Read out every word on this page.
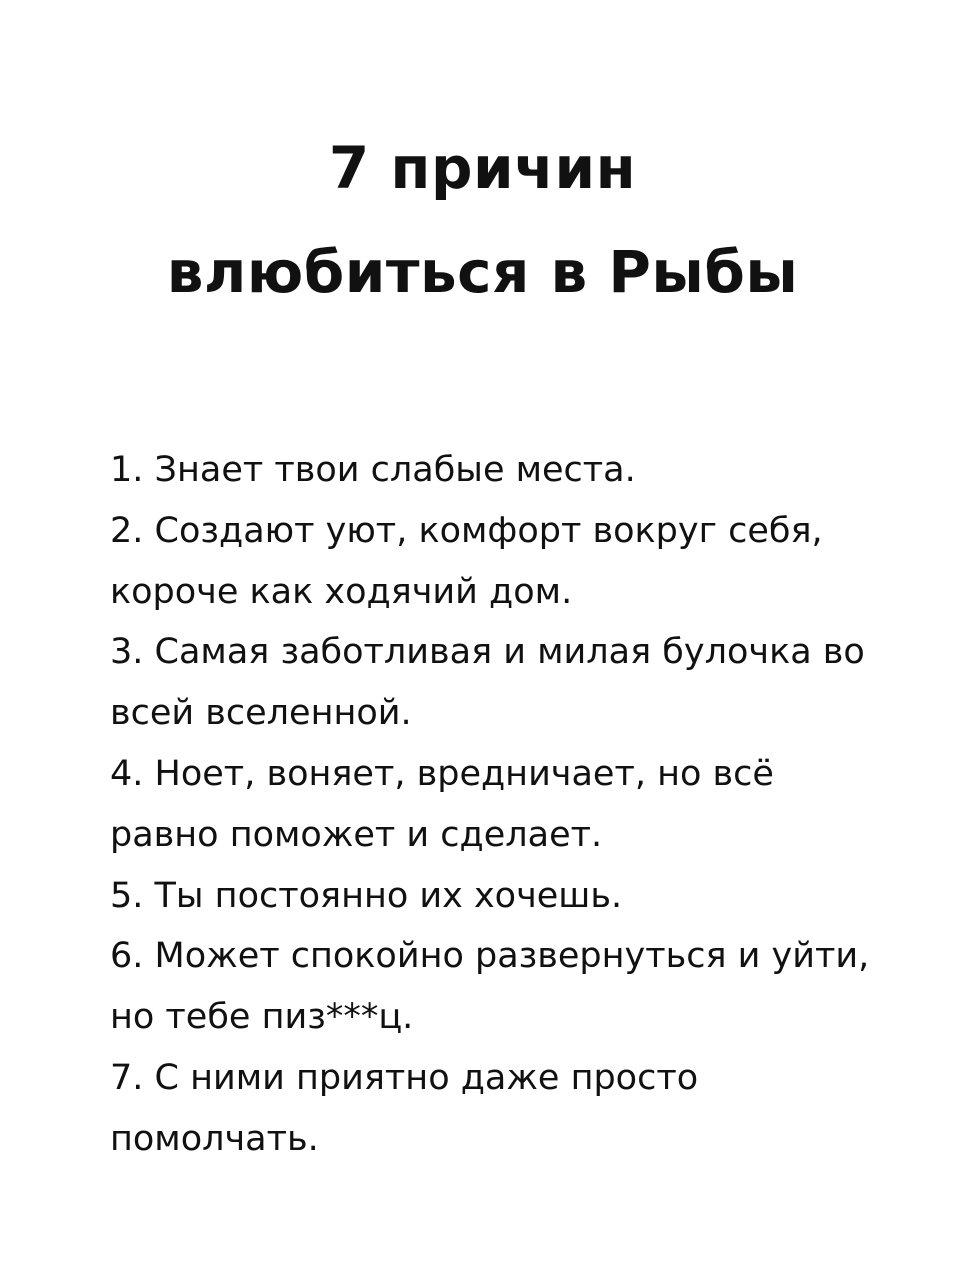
7 причин
влюбиться в Рыбы
1. Знает твои слабые места.
2. Создают уют, комфорт вокруг себя, короче как ходячий дом.
3. Самая заботливая и милая булочка во всей вселенной.
4. Ноет, воняет, вредничает, но всё равно поможет и сделает.
5. Ты постоянно их хочешь.
6. Может спокойно развернуться и уйти, но тебе пиз***ц.
7. С ними приятно даже просто помолчать.
